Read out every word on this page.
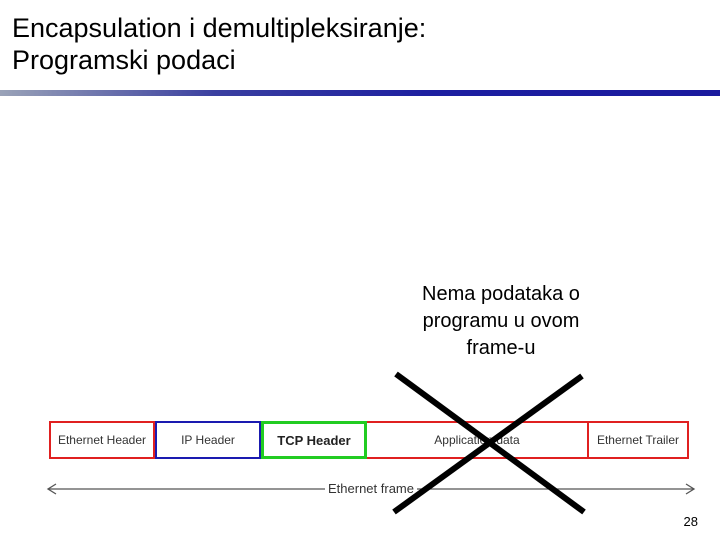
Encapsulation i demultipleksiranje:
Programski podaci
Nema podataka o
programu u ovom
frame-u
Ethernet Header	IP Header	TCP Header	Application data	Ethernet Trailer
Ethernet frame
28
